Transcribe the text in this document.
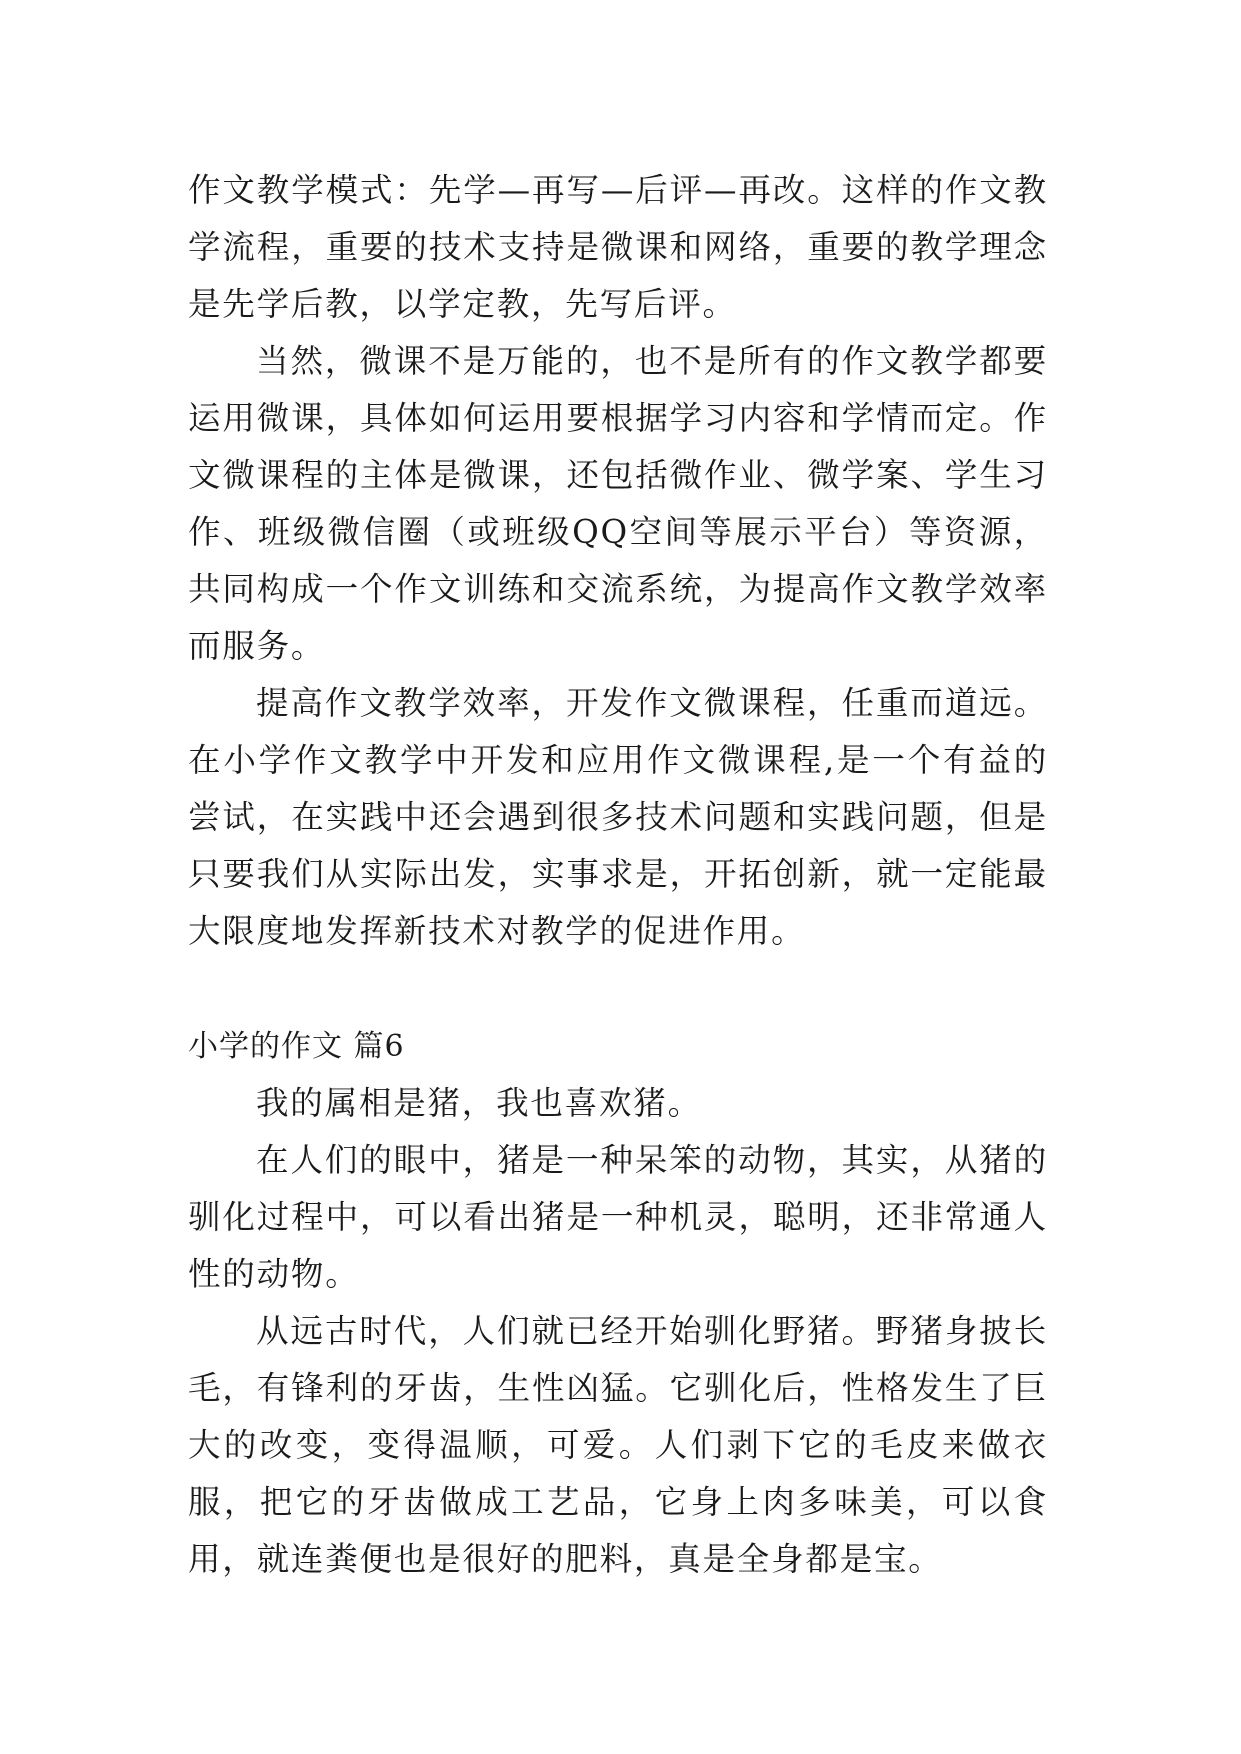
作文教学模式：先学—再写—后评—再改。这样的作文教学流程，重要的技术支持是微课和网络，重要的教学理念是先学后教，以学定教，先写后评。

当然，微课不是万能的，也不是所有的作文教学都要运用微课，具体如何运用要根据学习内容和学情而定。作文微课程的主体是微课，还包括微作业、微学案、学生习作、班级微信圈（或班级QQ空间等展示平台）等资源，共同构成一个作文训练和交流系统，为提高作文教学效率而服务。

提高作文教学效率，开发作文微课程，任重而道远。在小学作文教学中开发和应用作文微课程,是一个有益的尝试，在实践中还会遇到很多技术问题和实践问题，但是只要我们从实际出发，实事求是，开拓创新，就一定能最大限度地发挥新技术对教学的促进作用。

小学的作文 篇6

我的属相是猪，我也喜欢猪。

在人们的眼中，猪是一种呆笨的动物，其实，从猪的驯化过程中，可以看出猪是一种机灵，聪明，还非常通人性的动物。

从远古时代，人们就已经开始驯化野猪。野猪身披长毛，有锋利的牙齿，生性凶猛。它驯化后，性格发生了巨大的改变，变得温顺，可爱。人们剥下它的毛皮来做衣服，把它的牙齿做成工艺品，它身上肉多味美，可以食用，就连粪便也是很好的肥料，真是全身都是宝。
